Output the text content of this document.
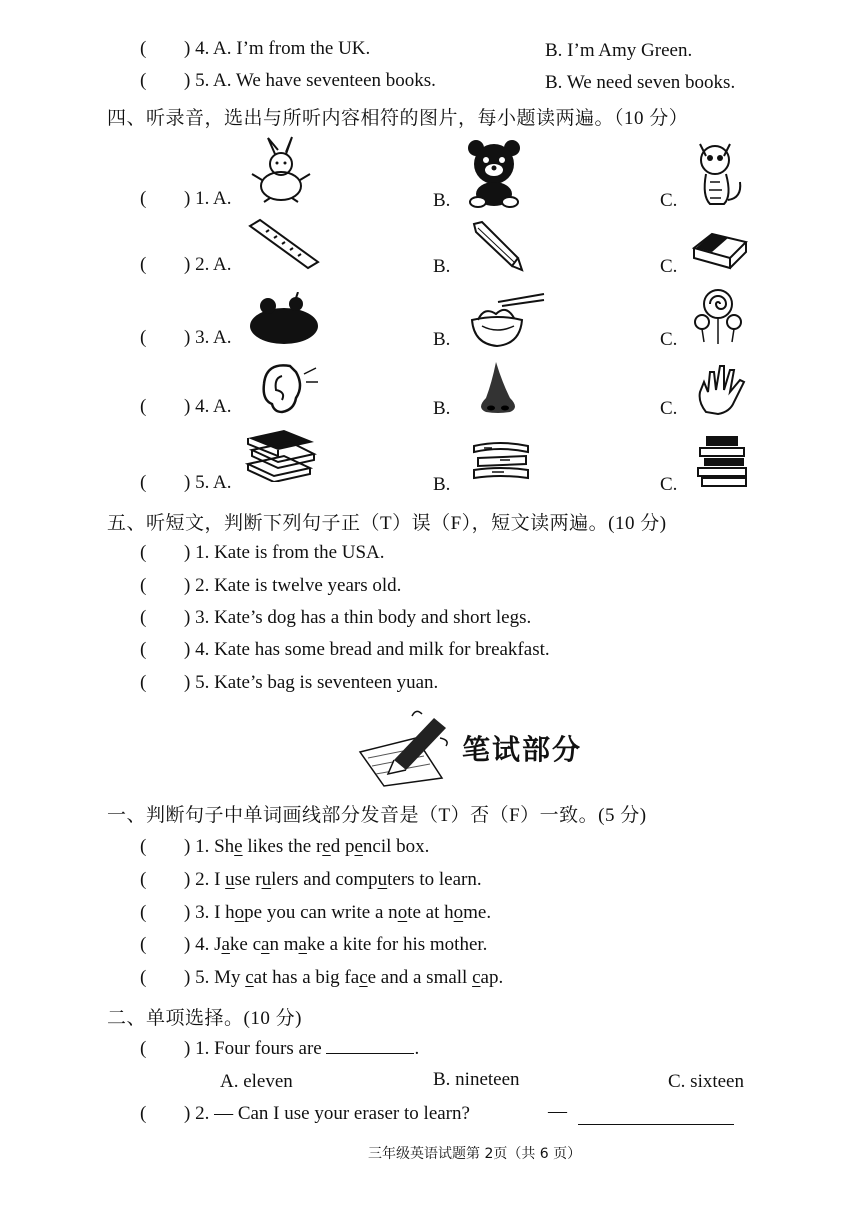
( ) 4. A. I’m from the UK.	B. I’m Amy Green.
( ) 5. A. We have seventeen books.	B. We need seven books.
四、听录音，选出与所听内容相符的图片，每小题读两遍。（10 分）
( ) 1. A.	B.	C.
( ) 2. A.	B.	C.
( ) 3. A.	B.	C.
( ) 4. A.	B.	C.
( ) 5. A.	B.	C.
五、听短文，判断下列句子正（T）误（F），短文读两遍。(10 分)
( ) 1. Kate is from the USA.
( ) 2. Kate is twelve years old.
( ) 3. Kate’s dog has a thin body and short legs.
( ) 4. Kate has some bread and milk for breakfast.
( ) 5. Kate’s bag is seventeen yuan.
笔试部分
一、判断句子中单词画线部分发音是（T）否（F）一致。(5 分)
( ) 1. She likes the red pencil box.
( ) 2. I use rulers and computers to learn.
( ) 3. I hope you can write a note at home.
( ) 4. Jake can make a kite for his mother.
( ) 5. My cat has a big face and a small cap.
二、单项选择。(10 分)
( ) 1. Four fours are	.
A. eleven	B. nineteen	C. sixteen
( ) 2. — Can I use your eraser to learn?	—
三年级英语试题第 2页（共 6 页）
